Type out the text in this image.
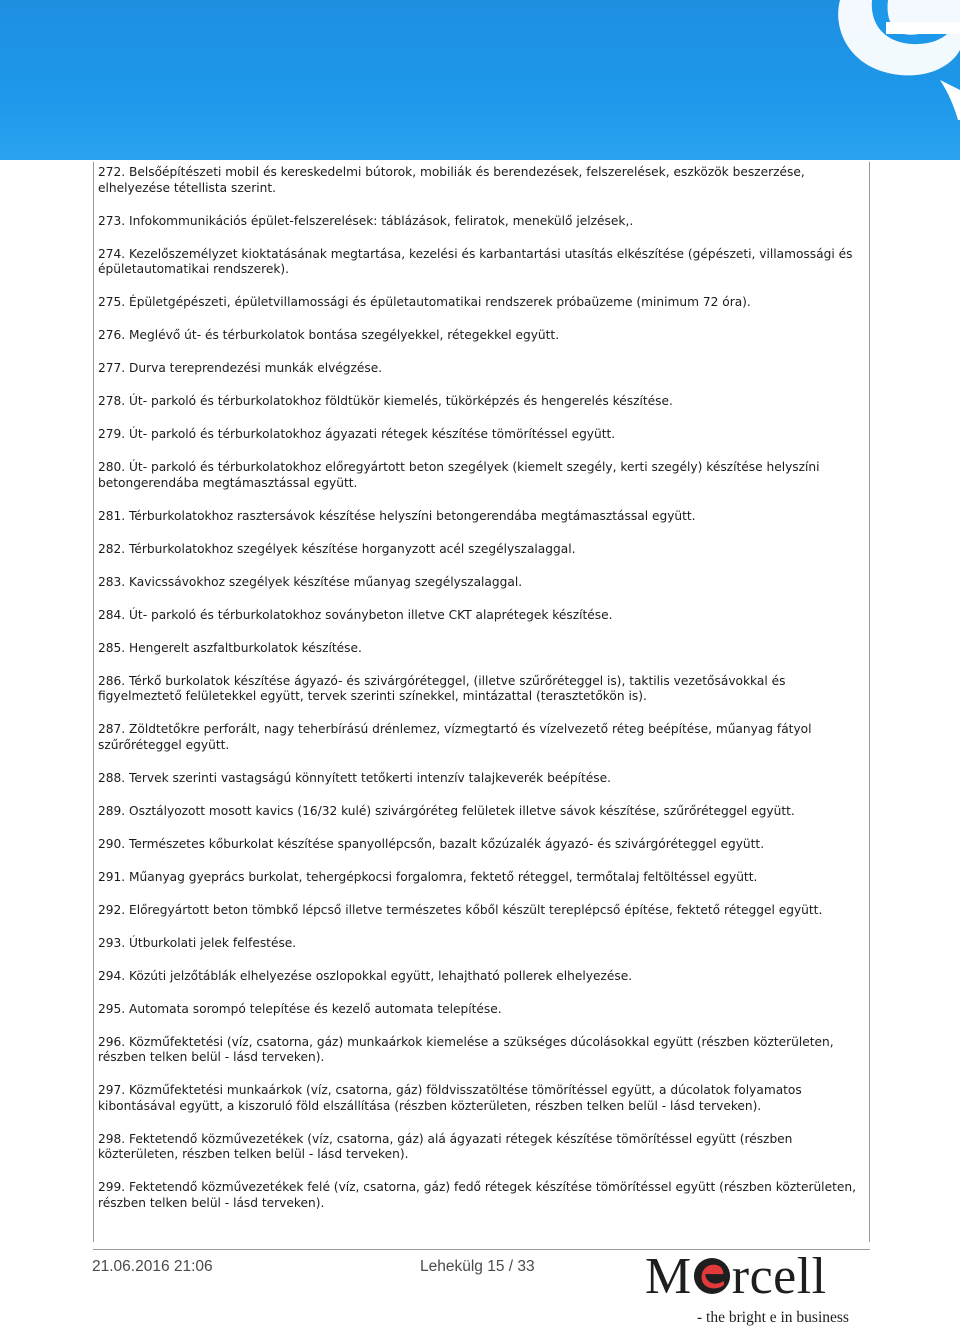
272. Belsőépítészeti mobil és kereskedelmi bútorok, mobiliák és berendezések, felszerelések, eszközök beszerzése, elhelyezése tétellista szerint.

273. Infokommunikációs épület-felszerelések: táblázások, feliratok, menekülő jelzések,.

274. Kezelőszemélyzet kioktatásának megtartása, kezelési és karbantartási utasítás elkészítése (gépészeti, villamossági és épületautomatikai rendszerek).

275. Épületgépészeti, épületvillamossági és épületautomatikai rendszerek próbaüzeme (minimum 72 óra).

276. Meglévő út- és térburkolatok bontása szegélyekkel, rétegekkel együtt.

277. Durva tereprendezési munkák elvégzése.

278. Út- parkoló és térburkolatokhoz földtükör kiemelés, tükörképzés és hengerelés készítése.

279. Út- parkoló és térburkolatokhoz ágyazati rétegek készítése tömörítéssel együtt.

280. Út- parkoló és térburkolatokhoz előregyártott beton szegélyek (kiemelt szegély, kerti szegély) készítése helyszíni betongerendába megtámasztással együtt.

281. Térburkolatokhoz rasztersávok készítése helyszíni betongerendába megtámasztással együtt.

282. Térburkolatokhoz szegélyek készítése horganyzott acél szegélyszalaggal.

283. Kavicssávokhoz szegélyek készítése műanyag szegélyszalaggal.

284. Út- parkoló és térburkolatokhoz soványbeton illetve CKT alaprétegek készítése.

285. Hengerelt aszfaltburkolatok készítése.

286. Térkő burkolatok készítése ágyazó- és szivárgóréteggel, (illetve szűrőréteggel is), taktilis vezetősávokkal és figyelmeztető felületekkel együtt, tervek szerinti színekkel, mintázattal (terasztetőkön is).

287. Zöldtetőkre perforált, nagy teherbírású drénlemez, vízmegtartó és vízelvezető réteg beépítése, műanyag fátyol szűrőréteggel együtt.

288. Tervek szerinti vastagságú könnyített tetőkerti intenzív talajkeverék beépítése.

289. Osztályozott mosott kavics (16/32 kulé) szivárgóréteg felületek illetve sávok készítése, szűrőréteggel együtt.

290. Természetes kőburkolat készítése spanyollépcsőn, bazalt kőzúzalék ágyazó- és szivárgóréteggel együtt.

291. Műanyag gyeprács burkolat, tehergépkocsi forgalomra, fektető réteggel, termőtalaj feltöltéssel együtt.

292. Előregyártott beton tömbkő lépcső illetve természetes kőből készült tereplépcső építése, fektető réteggel együtt.

293. Útburkolati jelek felfestése.

294. Közúti jelzőtáblák elhelyezése oszlopokkal együtt, lehajtható pollerek elhelyezése.

295. Automata sorompó telepítése és kezelő automata telepítése.

296. Közműfektetési (víz, csatorna, gáz) munkaárkok kiemelése a szükséges dúcolásokkal együtt (részben közterületen, részben telken belül - lásd terveken).

297. Közműfektetési munkaárkok (víz, csatorna, gáz) földvisszatöltése tömörítéssel együtt, a dúcolatok folyamatos kibontásával együtt, a kiszoruló föld elszállítása (részben közterületen, részben telken belül - lásd terveken).

298. Fektetendő közművezetékek (víz, csatorna, gáz) alá ágyazati rétegek készítése tömörítéssel együtt (részben közterületen, részben telken belül - lásd terveken).

299. Fektetendő közművezetékek felé (víz, csatorna, gáz) fedő rétegek készítése tömörítéssel együtt (részben közterületen, részben telken belül - lásd terveken).

21.06.2016 21:06	Lehekülg 15 / 33 M rcell
- the bright e in business
